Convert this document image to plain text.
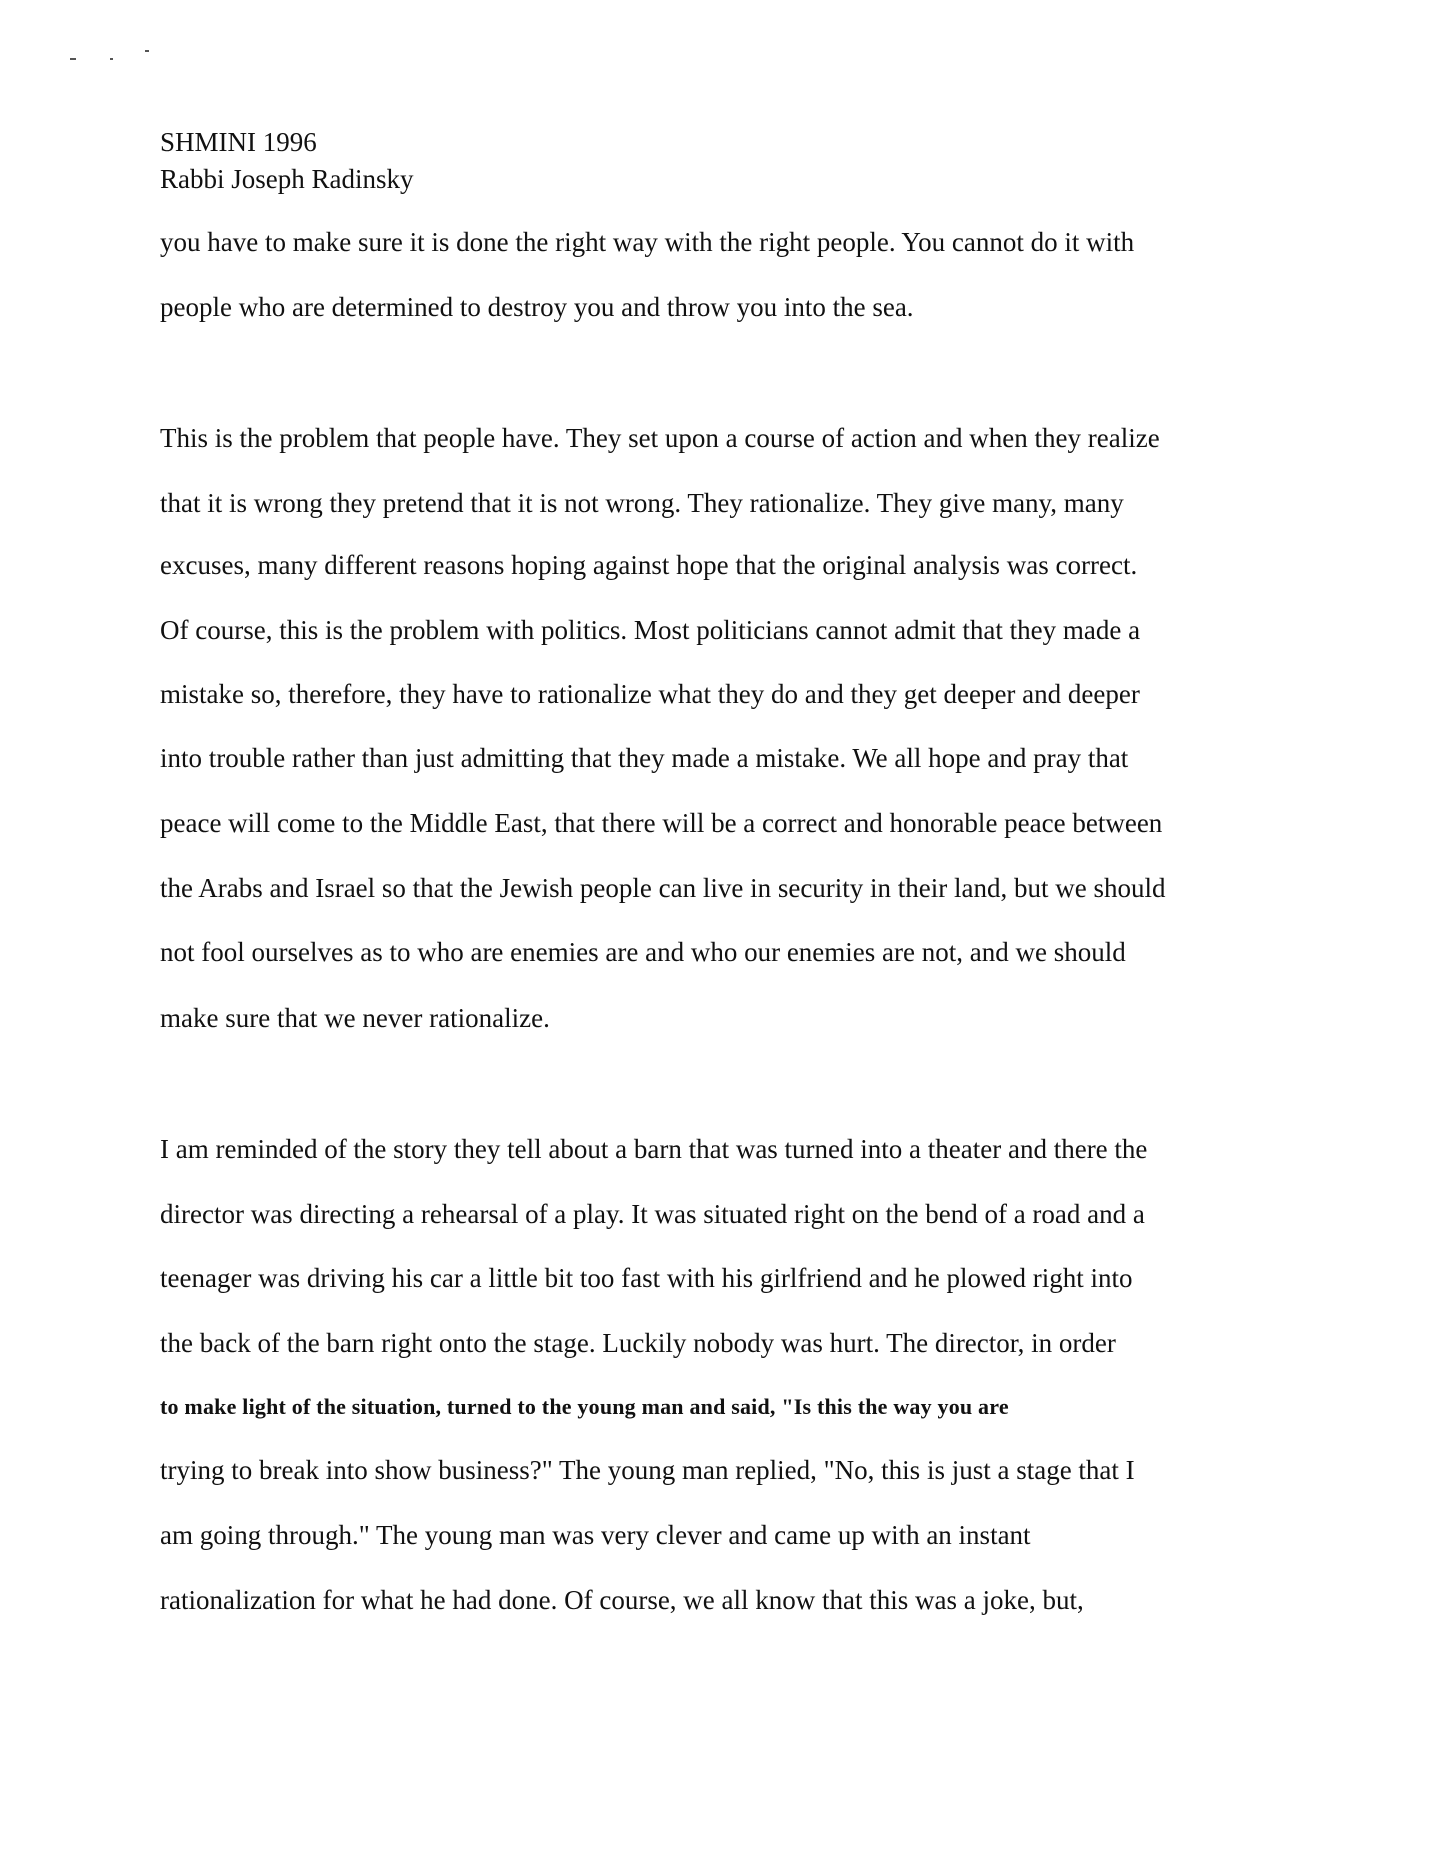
SHMINI 1996
Rabbi Joseph Radinsky
you have to make sure it is done the right way with the right people. You cannot do it with
people who are determined to destroy you and throw you into the sea.
This is the problem that people have. They set upon a course of action and when they realize
that it is wrong they pretend that it is not wrong. They rationalize. They give many, many
excuses, many different reasons hoping against hope that the original analysis was correct.
Of course, this is the problem with politics. Most politicians cannot admit that they made a
mistake so, therefore, they have to rationalize what they do and they get deeper and deeper
into trouble rather than just admitting that they made a mistake. We all hope and pray that
peace will come to the Middle East, that there will be a correct and honorable peace between
the Arabs and Israel so that the Jewish people can live in security in their land, but we should
not fool ourselves as to who are enemies are and who our enemies are not, and we should
make sure that we never rationalize.
I am reminded of the story they tell about a barn that was turned into a theater and there the
director was directing a rehearsal of a play. It was situated right on the bend of a road and a
teenager was driving his car a little bit too fast with his girlfriend and he plowed right into
the back of the barn right onto the stage. Luckily nobody was hurt. The director, in order
to make light of the situation, turned to the young man and said, "Is this the way you are
trying to break into show business?" The young man replied, "No, this is just a stage that I
am going through." The young man was very clever and came up with an instant
rationalization for what he had done. Of course, we all know that this was a joke, but,
